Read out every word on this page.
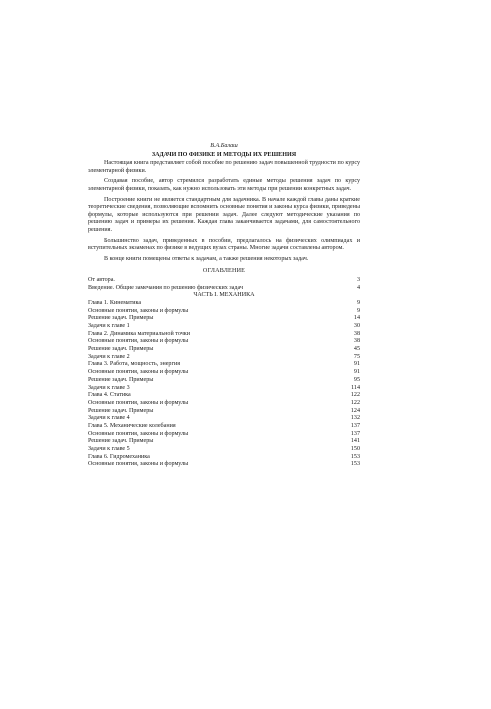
В.А.Балаш
ЗАДАЧИ ПО ФИЗИКЕ И МЕТОДЫ ИХ РЕШЕНИЯ

Настоящая книга представляет собой пособие по решению задач повышенной трудности по курсу элементарной физики.

Создавая пособие, автор стремился разработать единые методы решения задач по курсу элементарной физики, показать, как нужно использовать эти методы при решении конкретных задач.

Построение книги не является стандартным для задачника. В начале каждой главы даны краткие теоретические сведения, позволяющие вспомнить основные понятия и законы курса физики, приведены формулы, которые используются при решении задач. Далее следуют методические указания по решению задач и примеры их решения. Каждая глава заканчивается задачами, для самостоятельного решения.

Большинство задач, приведенных в пособии, предлагалось на физических олимпиадах и вступительных экзаменах по физике в ведущих вузах страны. Многие задачи составлены автором.

В конце книги помещены ответы к задачам, а также решения некоторых задач.

ОГЛАВЛЕНИЕ
От автора.	3
Введение. Общие замечания по решению физических задач	4
ЧАСТЬ I. МЕХАНИКА
Глава 1. Кинематика	9
Основные понятия, законы и формулы	9
Решение задач. Примеры	14
Задачи к главе 1	30
Глава 2. Динамика материальной точки	38
Основные понятия, законы и формулы	38
Решение задач. Примеры	45
Задачи к главе 2	75
Глава 3. Работа, мощность, энергия	91
Основные понятия, законы и формулы	91
Решение задач. Примеры	95
Задачи к главе 3	114
Глава 4. Статика	122
Основные понятия, законы и формулы	122
Решение задач. Примеры	124
Задачи к главе 4	132
Глава 5. Механические колебания	137
Основные понятия, законы и формулы	137
Решение задач. Примеры	141
Задачи к главе 5	150
Глава 6. Гидромеханика	153
Основные понятия, законы и формулы	153
